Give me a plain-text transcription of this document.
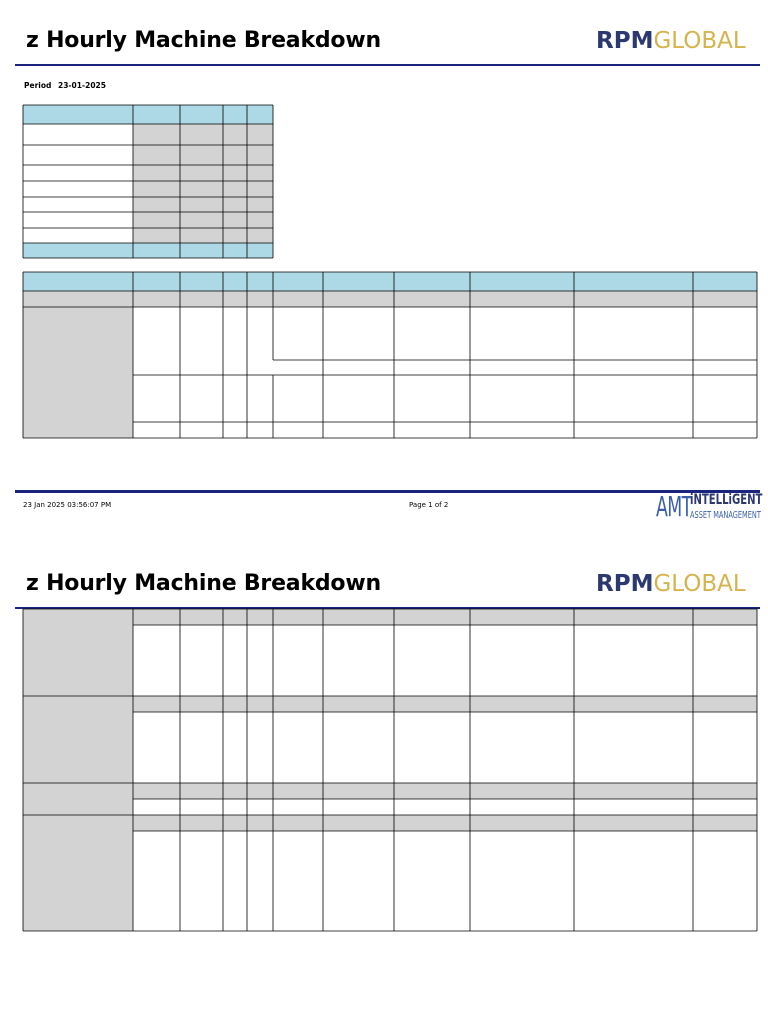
z Hourly Machine Breakdown	RPMGLOBAL
Period 23-01-2025
23 Jan 2025 03:56:07 PM	Page 1 of 2	AMT
iNTELLiGENT
ASSET MANAGEMENT
z Hourly Machine Breakdown	RPMGLOBAL
